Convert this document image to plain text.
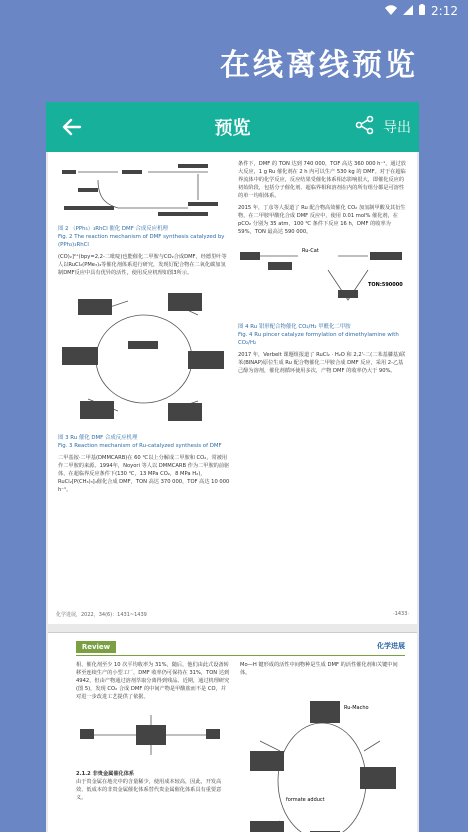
2:12
在线离线预览
预览	导出
图 2 （PPh₃）₃RhCl 催化 DMF 合成反应机理
Fig. 2 The reaction mechanism of DMF synthesis catalyzed by (PPh₃)₃RhCl
(CO)₂]²⁺(bpy=2,2-二吡啶)也能催化二甲胺与CO₂合成DMF，经德里叶等人以RuCl₂(PMe₃)₄等催化剂体系进行研究，发现钌配合物在二氧化碳加氢制DMF反应中具有优异的活性，使用反应机理如图3所示。
图 3 Ru 催化 DMF 合成反应机理
Fig. 3 Reaction mechanism of Ru-catalyzed synthesis of DMF
二甲基铵·二甲基(DMMCARB)在 60 ℃以上分解成二甲胺和 CO₂，常被用作二甲胺的来源。1994年，Noyori 等人以 DMMCARB 作为二甲胺的前驱体，在超临界反应条件下(130 ℃，13 MPa CO₂，8 MPa H₂)，RuCl₂[P(CH₃)₃]₄催化合成 DMF，TON 高达 370 000，TOF 高达 10 000 h⁻¹。
条件下，DMF 的 TON 达到 740 000，TOF 高达 360 000 h⁻¹，通过放大反应，1 g Ru 催化剂在 2 h 内可以生产 530 kg 的 DMF。对于在超临界流体中的化学反应，反应结果受催化体系相态影响很大，即催化反应的初始阶段，包括分子催化剂、超临界相和溶剂在内的所有组分都是可溶性的单一均相体系。
2015 年，丁彦等人报道了 Ru 配合物高效催化 CO₂ 加氢制甲酸及其衍生物，在二甲胺甲酸化合成 DMF 反应中，使用 0.01 mol% 催化剂，在 pCO₂ 分别为 35 atm，100 ℃ 条件下反应 16 h，DMF 的收率为 59%，TON 最高达 590 000。
Ru-Cat
TON:590000
图 4 Ru 钳形配合物催化 CO₂/H₂ 甲酰化二甲胺
Fig. 4 Ru pincer catalyze formylation of dimethylamine with CO₂/H₂
2017 年，Verbelt 课题组报道了 RuCl₂ · H₂O 和 2,2'-二(二苯基膦基)联苯(BINAP)原位生成 Ru 配合物催化二甲胺合成 DMF 反应，采用 2-乙基己醇为溶剂，催化剂循环使用多次，产物 DMF 的收率仍大于 90%。
化学进展，2022，34(6)：1431~1439	·1433·
Review	化学进展
相，催化剂至少 10 次平均收率为 31%，随后，他们由此式设备转移至连续生产的小型工厂，DMF 收率仍可保持在 31%，TON 达到 4942，但由产物通过溶剂萃取分离得到残品。近期，通过机理研究(图 5)，发现 CO₂ 合成 DMF 的中间产物是甲酸盐而不是 CO，并对进一步改进工艺提供了依据。
2.1.2 非贵金属催化体系
由于贵金属在地壳中的含量稀少，使用成本较高，因此，开发高效、低成本的非贵金属催化体系替代贵金属催化体系具有重要意义。
Mo—H 键形成的活性中间物种是生成 DMF 的活性催化剂和关键中间体。
Ru-Macho
formate adduct
